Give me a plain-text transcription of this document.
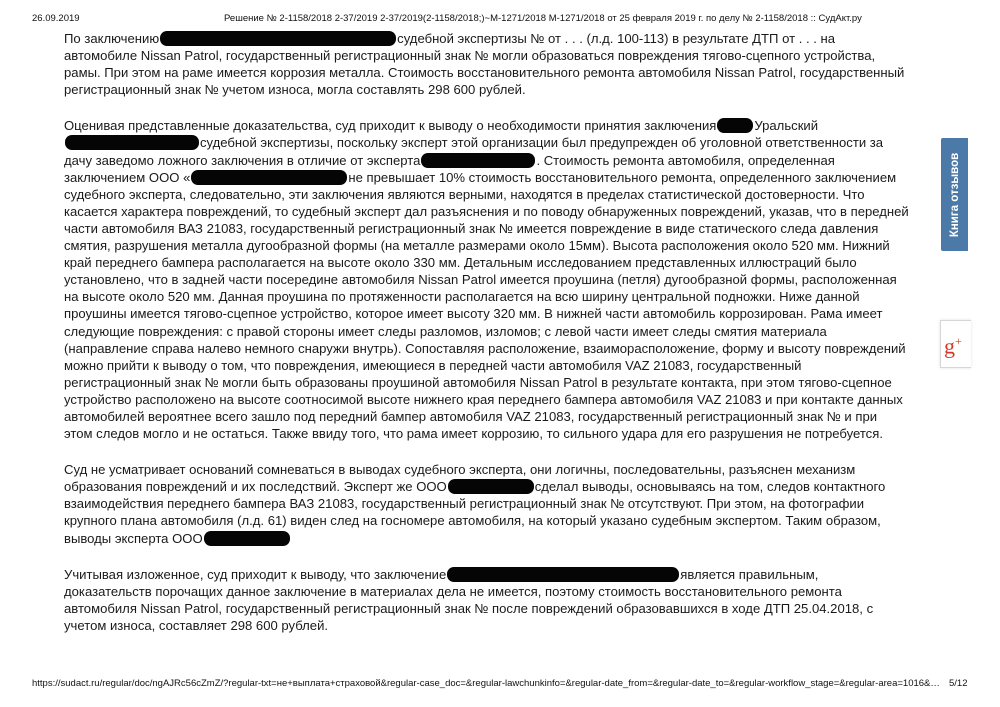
26.09.2019	Решение № 2-1158/2018 2-37/2019 2-37/2019(2-1158/2018;)~М-1271/2018 М-1271/2018 от 25 февраля 2019 г. по делу № 2-1158/2018 :: СудАкт.ру

По заключению	судебной экспертизы № от . . . (л.д. 100-113) в результате ДТП от . . . на автомобиле Nissan Patrol, государственный регистрационный знак № могли образоваться повреждения тягово-сцепного устройства, рамы. При этом на раме имеется коррозия металла. Стоимость восстановительного ремонта автомобиля Nissan Patrol, государственный регистрационный знак № учетом износа, могла составлять 298 600 рублей.

Оценивая представленные доказательства, суд приходит к выводу о необходимости принятия заключения	Уральскийсудебной экспертизы, поскольку эксперт этой организации был предупрежден об уголовной ответственности за дачу заведомо ложного заключения в отличие от эксперта	. Стоимость ремонта автомобиля, определенная заключением ООО «	не превышает 10% стоимость восстановительного ремонта, определенного заключением судебного эксперта, следовательно, эти заключения являются верными, находятся в пределах статистической достоверности. Что касается характера повреждений, то судебный эксперт дал разъяснения и по поводу обнаруженных повреждений, указав, что в передней части автомобиля ВАЗ 21083, государственный регистрационный знак № имеется повреждение в виде статического следа давления смятия, разрушения металла дугообразной формы (на металле размерами около 15мм). Высота расположения около 520 мм. Нижний край переднего бампера располагается на высоте около 330 мм. Детальным исследованием представленных иллюстраций было установлено, что в задней части посередине автомобиля Nissan Patrol имеется проушина (петля) дугообразной формы, расположенная на высоте около 520 мм. Данная проушина по протяженности располагается на всю ширину центральной подножки. Ниже данной проушины имеется тягово-сцепное устройство, которое имеет высоту 320 мм. В нижней части автомобиль коррозирован. Рама имеет следующие повреждения: с правой стороны имеет следы разломов, изломов; с левой части имеет следы смятия материала (направление справа налево немного снаружи внутрь). Сопоставляя расположение, взаиморасположение, форму и высоту повреждений можно прийти к выводу о том, что повреждения, имеющиеся в передней части автомобиля VAZ 21083, государственный регистрационный знак № могли быть образованы проушиной автомобиля Nissan Patrol в результате контакта, при этом тягово-сцепное устройство расположено на высоте соотносимой высоте нижнего края переднего бампера автомобиля VAZ 21083 и при контакте данных автомобилей вероятнее всего зашло под передний бампер автомобиля VAZ 21083, государственный регистрационный знак № и при этом следов могло и не остаться. Также ввиду того, что рама имеет коррозию, то сильного удара для его разрушения не потребуется.

Суд не усматривает оснований сомневаться в выводах судебного эксперта, они логичны, последовательны, разъяснен механизм образования повреждений и их последствий. Эксперт же ООО	сделал выводы, основываясь на том, следов контактного взаимодействия переднего бампера ВАЗ 21083, государственный регистрационный знак № отсутствуют. При этом, на фотографии крупного плана автомобиля (л.д. 61) виден след на госномере автомобиля, на который указано судебным экспертом. Таким образом, выводы эксперта ООО

Учитывая изложенное, суд приходит к выводу, что заключение	является правильным, доказательств порочащих данное заключение в материалах дела не имеется, поэтому стоимость восстановительного ремонта автомобиля Nissan Patrol, государственный регистрационный знак № после повреждений образовавшихся в ходе ДТП 25.04.2018, с учетом износа, составляет 298 600 рублей.

Книга отзывов
g+
https://sudact.ru/regular/doc/ngAJRc56cZmZ/?regular-txt=не+выплата+страховой&regular-case_doc=&regular-lawchunkinfo=&regular-date_from=&regular-date_to=&regular-workflow_stage=&regular-area=1016&… 5/12
